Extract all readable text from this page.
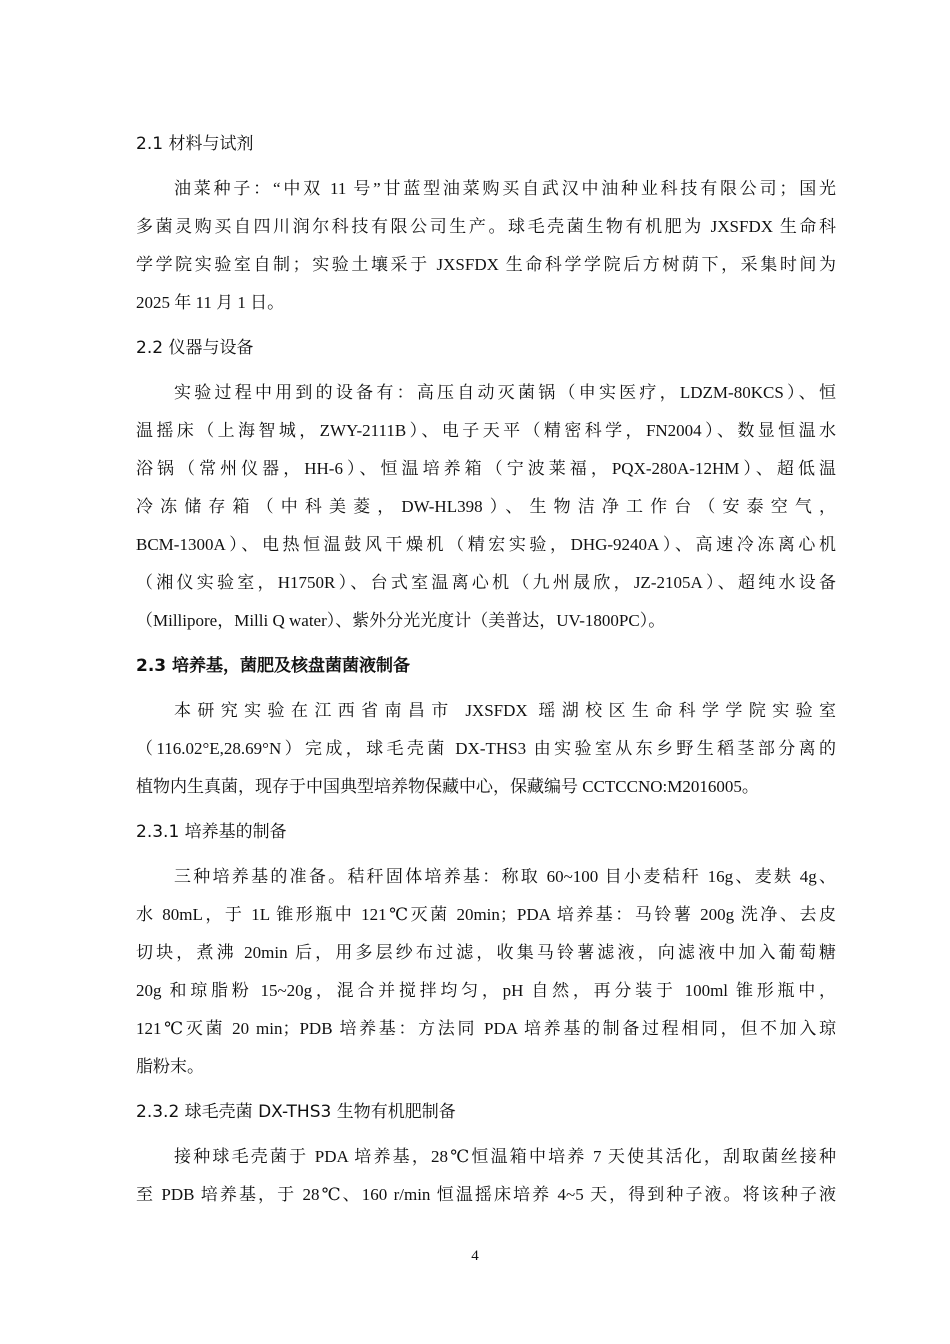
2.1 材料与试剂
油菜种子：“中双 11 号”甘蓝型油菜购买自武汉中油种业科技有限公司；国光
多菌灵购买自四川润尔科技有限公司生产。球毛壳菌生物有机肥为 JXSFDX 生命科
学学院实验室自制；实验土壤采于 JXSFDX 生命科学学院后方树荫下，采集时间为
2025 年 11 月 1 日。
2.2 仪器与设备
实验过程中用到的设备有：高压自动灭菌锅（申实医疗，LDZM-80KCS）、恒
温摇床（上海智城，ZWY-2111B）、电子天平（精密科学，FN2004）、数显恒温水
浴锅（常州仪器，HH-6）、恒温培养箱（宁波莱福，PQX-280A-12HM）、超低温
冷冻储存箱（中科美菱，DW-HL398）、生物洁净工作台（安泰空气，
BCM-1300A）、电热恒温鼓风干燥机（精宏实验，DHG-9240A）、高速冷冻离心机
（湘仪实验室，H1750R）、台式室温离心机（九州晟欣，JZ-2105A）、超纯水设备
（Millipore，Milli Q water）、紫外分光光度计（美普达，UV-1800PC）。
2.3 培养基，菌肥及核盘菌菌液制备
本研究实验在江西省南昌市 JXSFDX 瑶湖校区生命科学学院实验室
（116.02°E,28.69°N）完成，球毛壳菌 DX-THS3 由实验室从东乡野生稻茎部分离的
植物内生真菌，现存于中国典型培养物保藏中心，保藏编号 CCTCCNO:M2016005。
2.3.1 培养基的制备
三种培养基的准备。秸秆固体培养基：称取 60~100 目小麦秸秆 16g、麦麸 4g、
水 80mL，于 1L 锥形瓶中 121℃灭菌 20min；PDA 培养基：马铃薯 200g 洗净、去皮
切块，煮沸 20min 后，用多层纱布过滤，收集马铃薯滤液，向滤液中加入葡萄糖
20g 和琼脂粉 15~20g，混合并搅拌均匀，pH 自然，再分装于 100ml 锥形瓶中，
121℃灭菌 20 min；PDB 培养基：方法同 PDA 培养基的制备过程相同，但不加入琼
脂粉末。
2.3.2 球毛壳菌 DX-THS3 生物有机肥制备
接种球毛壳菌于 PDA 培养基，28℃恒温箱中培养 7 天使其活化，刮取菌丝接种
至 PDB 培养基，于 28℃、160 r/min 恒温摇床培养 4~5 天，得到种子液。将该种子液
4
